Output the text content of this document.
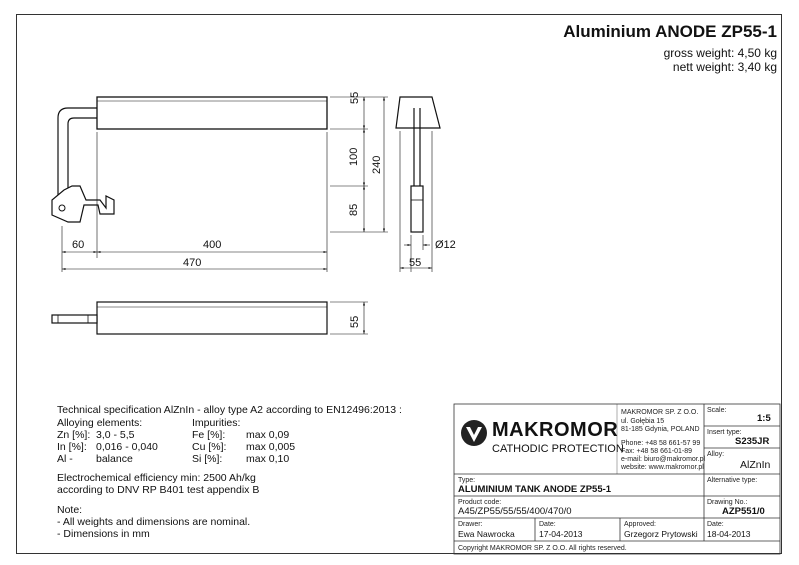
Aluminium ANODE ZP55-1
gross weight: 4,50 kg
nett weight: 3,40 kg
60	400
470
55
100
85
240
Ø12
55
55
Technical specification AlZnIn - alloy type A2 according to EN12496:2013 :
Alloying elements:	Impurities:
Zn [%]: 3,0 - 5,5	Fe [%]: max 0,09
In [%]: 0,016 - 0,040	Cu [%]: max 0,005
Al - balance	Si [%]: max 0,10
Electrochemical efficiency min: 2500 Ah/kg
according to DNV RP B401 test appendix B
Note:
- All weights and dimensions are nominal.
- Dimensions in mm
MAKROMOR
CATHODIC PROTECTION
MAKROMOR SP. Z O.O.
ul. Gołębia 15
81-185 Gdynia, POLAND
Phone: +48 58 661-57 99
Fax: +48 58 661-01-89
e-mail: biuro@makromor.pl
website: www.makromor.pl
Scale:
1:5
Insert type:
S235JR
Alloy:
AlZnIn
Type:
ALUMINIUM TANK ANODE ZP55-1
Alternative type:
Product code:
A45/ZP55/55/55/400/470/0
Drawing No.:
AZP551/0
Drawer:
Ewa Nawrocka
Date:
17-04-2013
Approved:
Grzegorz Prytowski
Date:
18-04-2013
Copyright MAKROMOR SP. Z O.O. All rights reserved.
